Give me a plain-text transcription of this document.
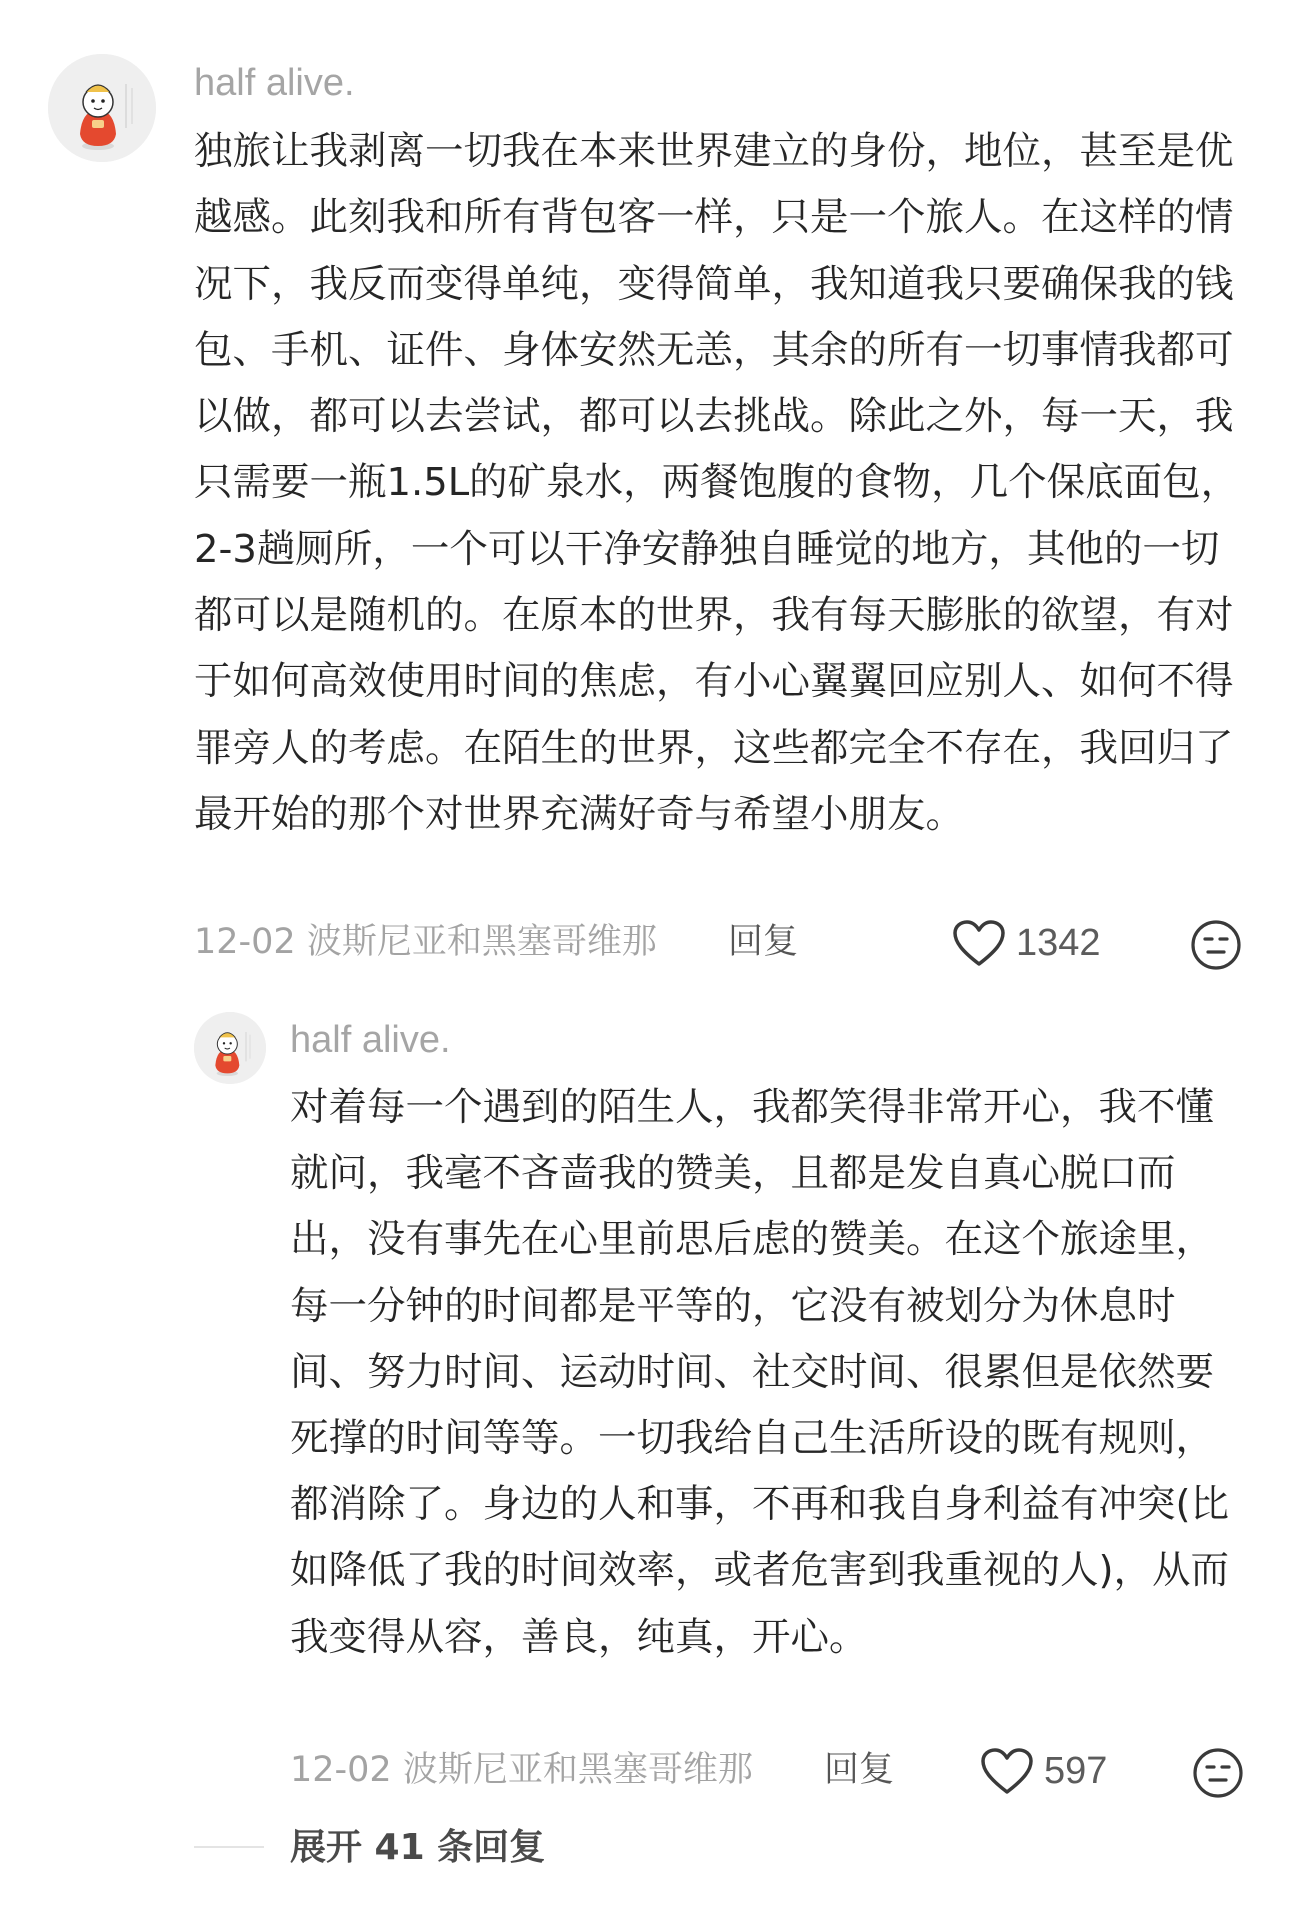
half alive.

独旅让我剥离一切我在本来世界建立的身份，地位，甚至是优越感。此刻我和所有背包客一样，只是一个旅人。在这样的情况下，我反而变得单纯，变得简单，我知道我只要确保我的钱包、手机、证件、身体安然无恙，其余的所有一切事情我都可以做，都可以去尝试，都可以去挑战。除此之外，每一天，我只需要一瓶1.5L的矿泉水，两餐饱腹的食物，几个保底面包，2-3趟厕所，一个可以干净安静独自睡觉的地方，其他的一切都可以是随机的。在原本的世界，我有每天膨胀的欲望，有对于如何高效使用时间的焦虑，有小心翼翼回应别人、如何不得罪旁人的考虑。在陌生的世界，这些都完全不存在，我回归了最开始的那个对世界充满好奇与希望小朋友。

12-02 波斯尼亚和黑塞哥维那 回复	1342
half alive.

对着每一个遇到的陌生人，我都笑得非常开心，我不懂就问，我毫不吝啬我的赞美，且都是发自真心脱口而出，没有事先在心里前思后虑的赞美。在这个旅途里，每一分钟的时间都是平等的，它没有被划分为休息时间、努力时间、运动时间、社交时间、很累但是依然要死撑的时间等等。一切我给自己生活所设的既有规则，都消除了。身边的人和事，不再和我自身利益有冲突(比如降低了我的时间效率，或者危害到我重视的人)，从而我变得从容，善良，纯真，开心。

12-02 波斯尼亚和黑塞哥维那 回复	597
展开 41 条回复
